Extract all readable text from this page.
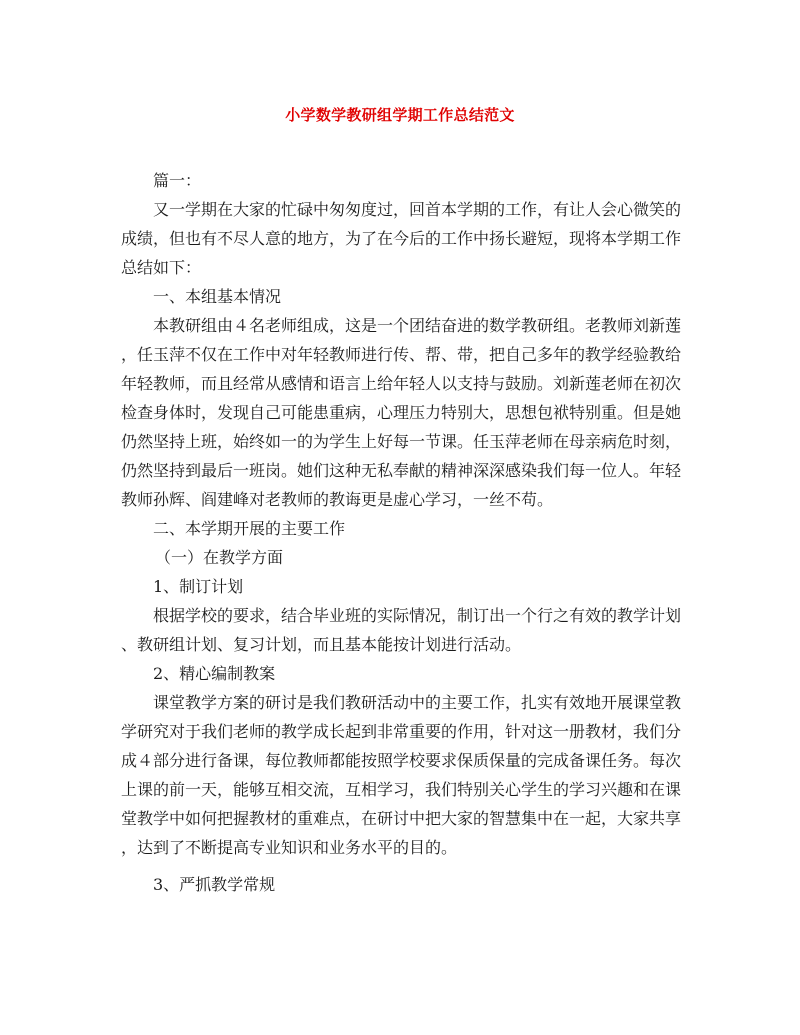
小学数学教研组学期工作总结范文
篇一：
又一学期在大家的忙碌中匆匆度过，回首本学期的工作，有让人会心微笑的
成绩，但也有不尽人意的地方，为了在今后的工作中扬长避短，现将本学期工作
总结如下：
一、本组基本情况
本教研组由４名老师组成，这是一个团结奋进的数学教研组。老教师刘新莲
，任玉萍不仅在工作中对年轻教师进行传、帮、带，把自己多年的教学经验教给
年轻教师，而且经常从感情和语言上给年轻人以支持与鼓励。刘新莲老师在初次
检查身体时，发现自己可能患重病，心理压力特别大，思想包袱特别重。但是她
仍然坚持上班，始终如一的为学生上好每一节课。任玉萍老师在母亲病危时刻，
仍然坚持到最后一班岗。她们这种无私奉献的精神深深感染我们每一位人。年轻
教师孙辉、阎建峰对老教师的教诲更是虚心学习，一丝不苟。
二、本学期开展的主要工作
（一）在教学方面
1、制订计划
根据学校的要求，结合毕业班的实际情况，制订出一个行之有效的教学计划
、教研组计划、复习计划，而且基本能按计划进行活动。
2、精心编制教案
课堂教学方案的研讨是我们教研活动中的主要工作，扎实有效地开展课堂教
学研究对于我们老师的教学成长起到非常重要的作用，针对这一册教材，我们分
成４部分进行备课，每位教师都能按照学校要求保质保量的完成备课任务。每次
上课的前一天，能够互相交流，互相学习，我们特别关心学生的学习兴趣和在课
堂教学中如何把握教材的重难点，在研讨中把大家的智慧集中在一起，大家共享
，达到了不断提高专业知识和业务水平的目的。
3、严抓教学常规
